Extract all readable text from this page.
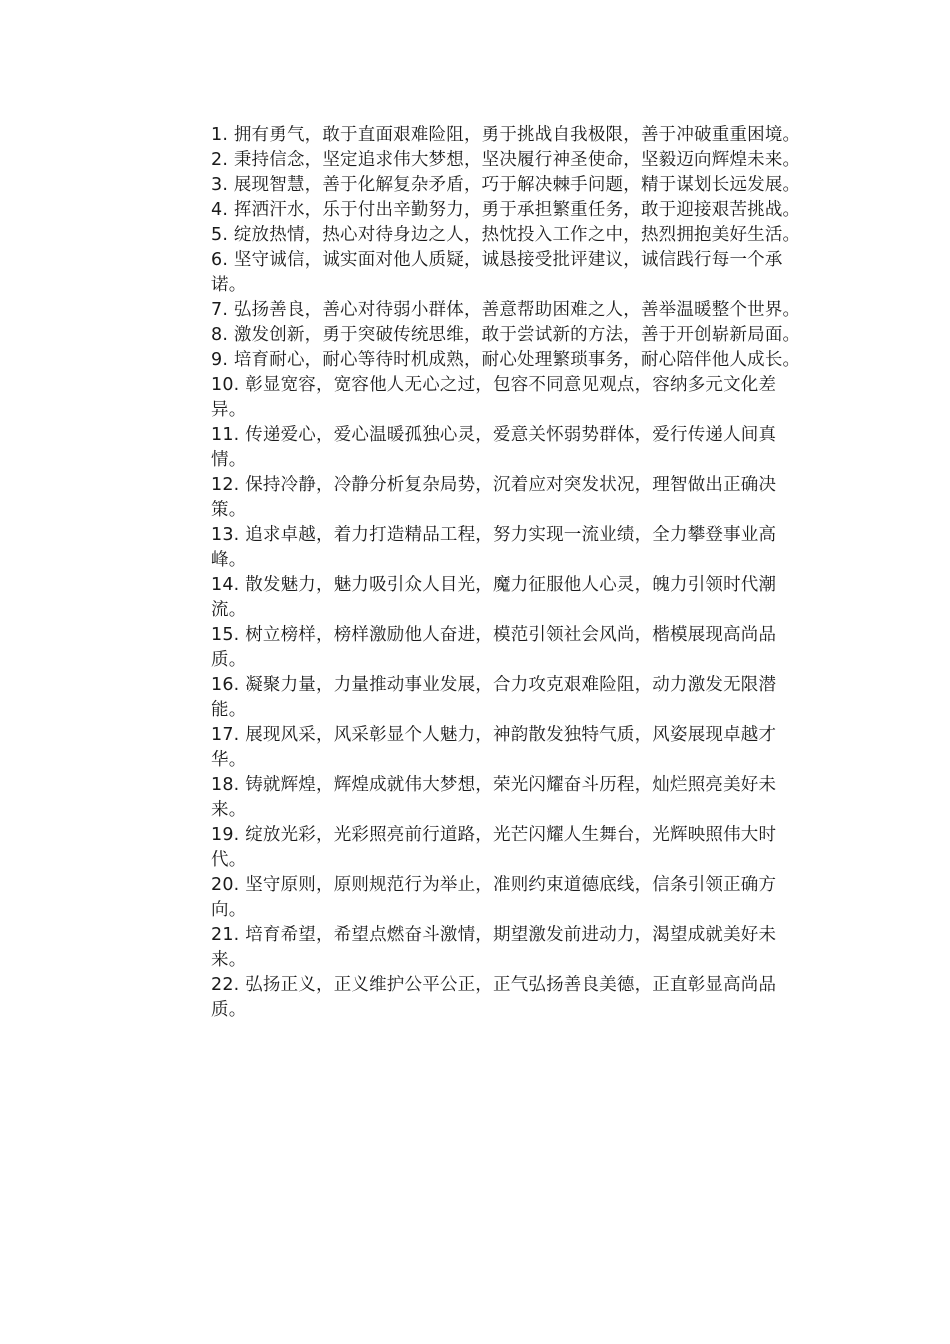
1. 拥有勇气，敢于直面艰难险阻，勇于挑战自我极限，善于冲破重重困境。

2. 秉持信念，坚定追求伟大梦想，坚决履行神圣使命，坚毅迈向辉煌未来。

3. 展现智慧，善于化解复杂矛盾，巧于解决棘手问题，精于谋划长远发展。

4. 挥洒汗水，乐于付出辛勤努力，勇于承担繁重任务，敢于迎接艰苦挑战。

5. 绽放热情，热心对待身边之人，热忱投入工作之中，热烈拥抱美好生活。

6. 坚守诚信，诚实面对他人质疑，诚恳接受批评建议，诚信践行每一个承诺。

7. 弘扬善良，善心对待弱小群体，善意帮助困难之人，善举温暖整个世界。

8. 激发创新，勇于突破传统思维，敢于尝试新的方法，善于开创崭新局面。

9. 培育耐心，耐心等待时机成熟，耐心处理繁琐事务，耐心陪伴他人成长。

10. 彰显宽容，宽容他人无心之过，包容不同意见观点，容纳多元文化差异。

11. 传递爱心，爱心温暖孤独心灵，爱意关怀弱势群体，爱行传递人间真情。

12. 保持冷静，冷静分析复杂局势，沉着应对突发状况，理智做出正确决策。

13. 追求卓越，着力打造精品工程，努力实现一流业绩，全力攀登事业高峰。

14. 散发魅力，魅力吸引众人目光，魔力征服他人心灵，魄力引领时代潮流。

15. 树立榜样，榜样激励他人奋进，模范引领社会风尚，楷模展现高尚品质。

16. 凝聚力量，力量推动事业发展，合力攻克艰难险阻，动力激发无限潜能。

17. 展现风采，风采彰显个人魅力，神韵散发独特气质，风姿展现卓越才华。

18. 铸就辉煌，辉煌成就伟大梦想，荣光闪耀奋斗历程，灿烂照亮美好未来。

19. 绽放光彩，光彩照亮前行道路，光芒闪耀人生舞台，光辉映照伟大时代。

20. 坚守原则，原则规范行为举止，准则约束道德底线，信条引领正确方向。

21. 培育希望，希望点燃奋斗激情，期望激发前进动力，渴望成就美好未来。

22. 弘扬正义，正义维护公平公正，正气弘扬善良美德，正直彰显高尚品质。
